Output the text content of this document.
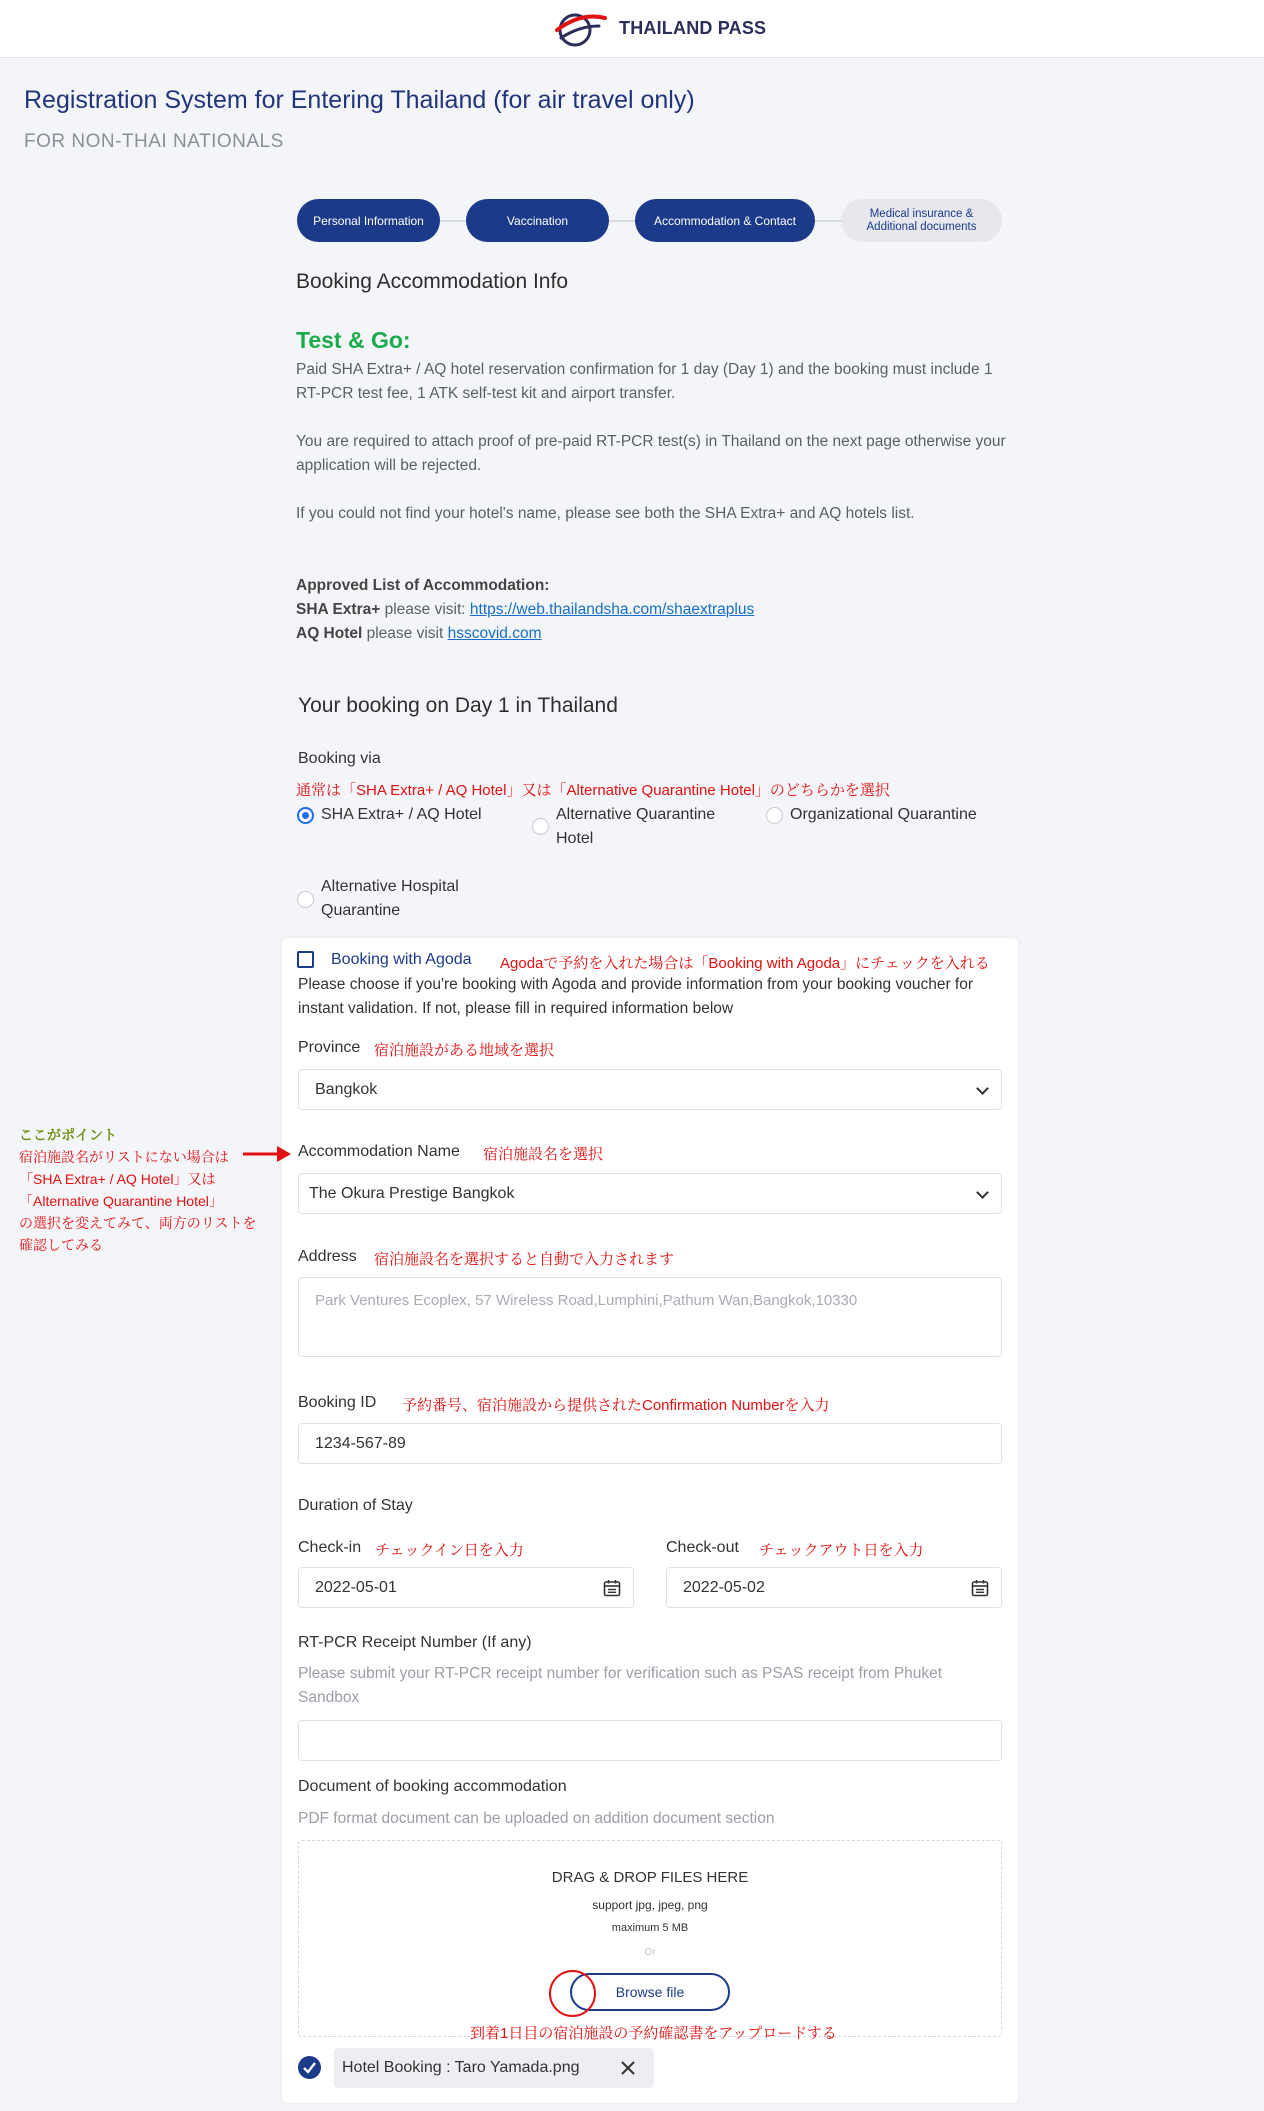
THAILAND PASS
Registration System for Entering Thailand (for air travel only)
FOR NON-THAI NATIONALS
Personal Information	Vaccination	Accommodation & Contact	Medical insurance & Additional documents
Booking Accommodation Info
Test & Go:
Paid SHA Extra+ / AQ hotel reservation confirmation for 1 day (Day 1) and the booking must include 1 RT-PCR test fee, 1 ATK self-test kit and airport transfer.
You are required to attach proof of pre-paid RT-PCR test(s) in Thailand on the next page otherwise your application will be rejected.
If you could not find your hotel's name, please see both the SHA Extra+ and AQ hotels list.
Approved List of Accommodation:
SHA Extra+ please visit: https://web.thailandsha.com/shaextraplus
AQ Hotel please visit hsscovid.com
Your booking on Day 1 in Thailand
Booking via
通常は「SHA Extra+ / AQ Hotel」又は「Alternative Quarantine Hotel」のどちらかを選択
SHA Extra+ / AQ Hotel	Alternative Quarantine Hotel
Organizational Quarantine
Alternative Hospital Quarantine
Booking with Agoda Agodaで予約を入れた場合は「Booking with Agoda」にチェックを入れる
Please choose if you're booking with Agoda and provide information from your booking voucher for instant validation. If not, please fill in required information below
Province 宿泊施設がある地域を選択
Bangkok
Accommodation Name 宿泊施設名を選択
The Okura Prestige Bangkok
ここがポイント
宿泊施設名がリストにない場合は
「SHA Extra+ / AQ Hotel」又は
「Alternative Quarantine Hotel」
の選択を変えてみて、両方のリストを
確認してみる
Address 宿泊施設名を選択すると自動で入力されます
Park Ventures Ecoplex, 57 Wireless Road,Lumphini,Pathum Wan,Bangkok,10330
Booking ID 予約番号、宿泊施設から提供されたConfirmation Numberを入力
1234-567-89
Duration of Stay
Check-in チェックイン日を入力
2022-05-01
Check-out チェックアウト日を入力
2022-05-02
RT-PCR Receipt Number (If any)
Please submit your RT-PCR receipt number for verification such as PSAS receipt from Phuket Sandbox
Document of booking accommodation
PDF format document can be uploaded on addition document section
DRAG & DROP FILES HERE
support jpg, jpeg, png
maximum 5 MB
Or
Browse file
到着1日目の宿泊施設の予約確認書をアップロードする
Hotel Booking : Taro Yamada.png
